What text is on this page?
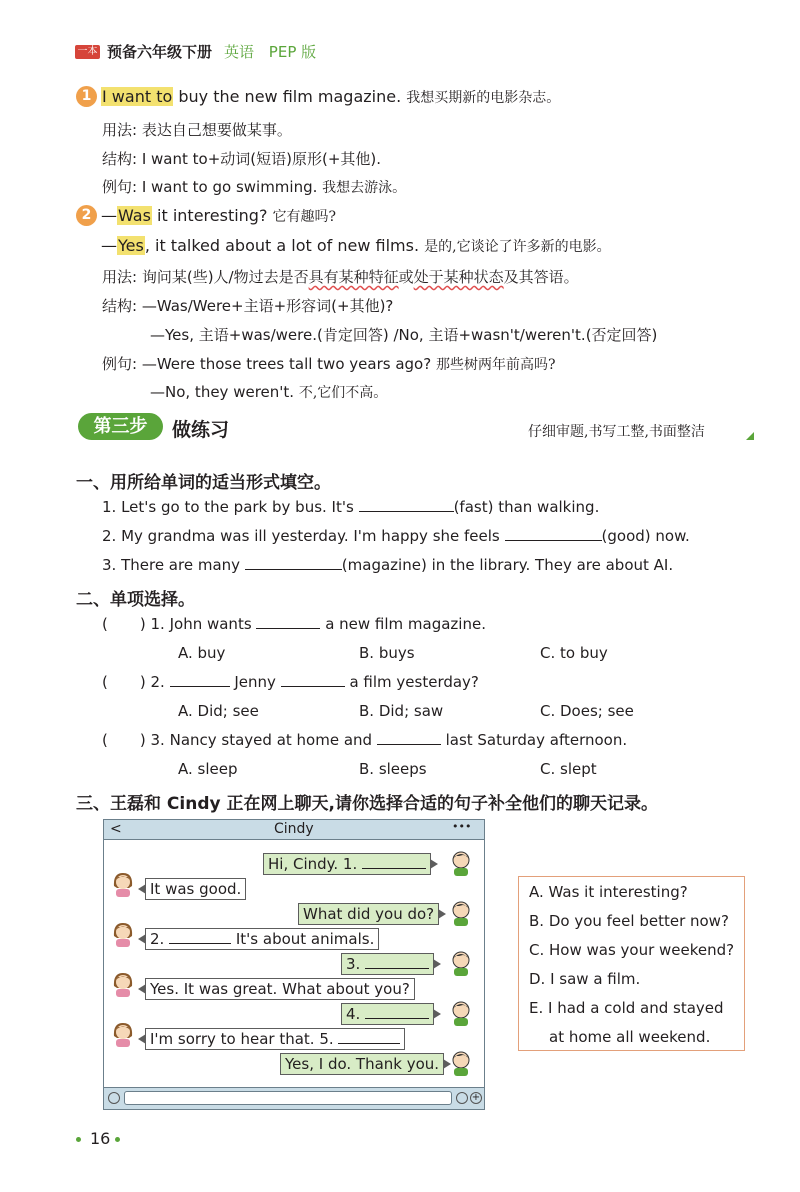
一本 预备六年级下册 英语 PEP 版
1 I want to buy the new film magazine. 我想买期新的电影杂志。
用法: 表达自己想要做某事。
结构: I want to+动词(短语)原形(+其他).
例句: I want to go swimming. 我想去游泳。
2 —Was it interesting? 它有趣吗?
—Yes, it talked about a lot of new films. 是的,它谈论了许多新的电影。
用法: 询问某(些)人/物过去是否具有某种特征或处于某种状态及其答语。
结构: —Was/Were+主语+形容词(+其他)?
—Yes, 主语+was/were.(肯定回答) /No, 主语+wasn't/weren't.(否定回答)
例句: —Were those trees tall two years ago? 那些树两年前高吗?
—No, they weren't. 不,它们不高。
第三步	做练习	仔细审题,书写工整,书面整洁
一、用所给单词的适当形式填空。
1. Let's go to the park by bus. It's	(fast) than walking.
2. My grandma was ill yesterday. I'm happy she feels	(good) now.
3. There are many	(magazine) in the library. They are about AI.
二、单项选择。
( ) 1. John wants	a new film magazine.
A. buy	B. buys	C. to buy
( ) 2.	Jenny	a film yesterday?
A. Did; see	B. Did; saw	C. Does; see
( ) 3. Nancy stayed at home and	last Saturday afternoon.
A. sleep	B. sleeps	C. slept
三、王磊和 Cindy 正在网上聊天,请你选择合适的句子补全他们的聊天记录。
<	Cindy	•••
Hi, Cindy. 1.
It was good.
What did you do?
2.	It's about animals.
3.
Yes. It was great. What about you?
4.
I'm sorry to hear that. 5.
Yes, I do. Thank you.
+
A. Was it interesting?
B. Do you feel better now?
C. How was your weekend?
D. I saw a film.
E. I had a cold and stayed
at home all weekend.
16
